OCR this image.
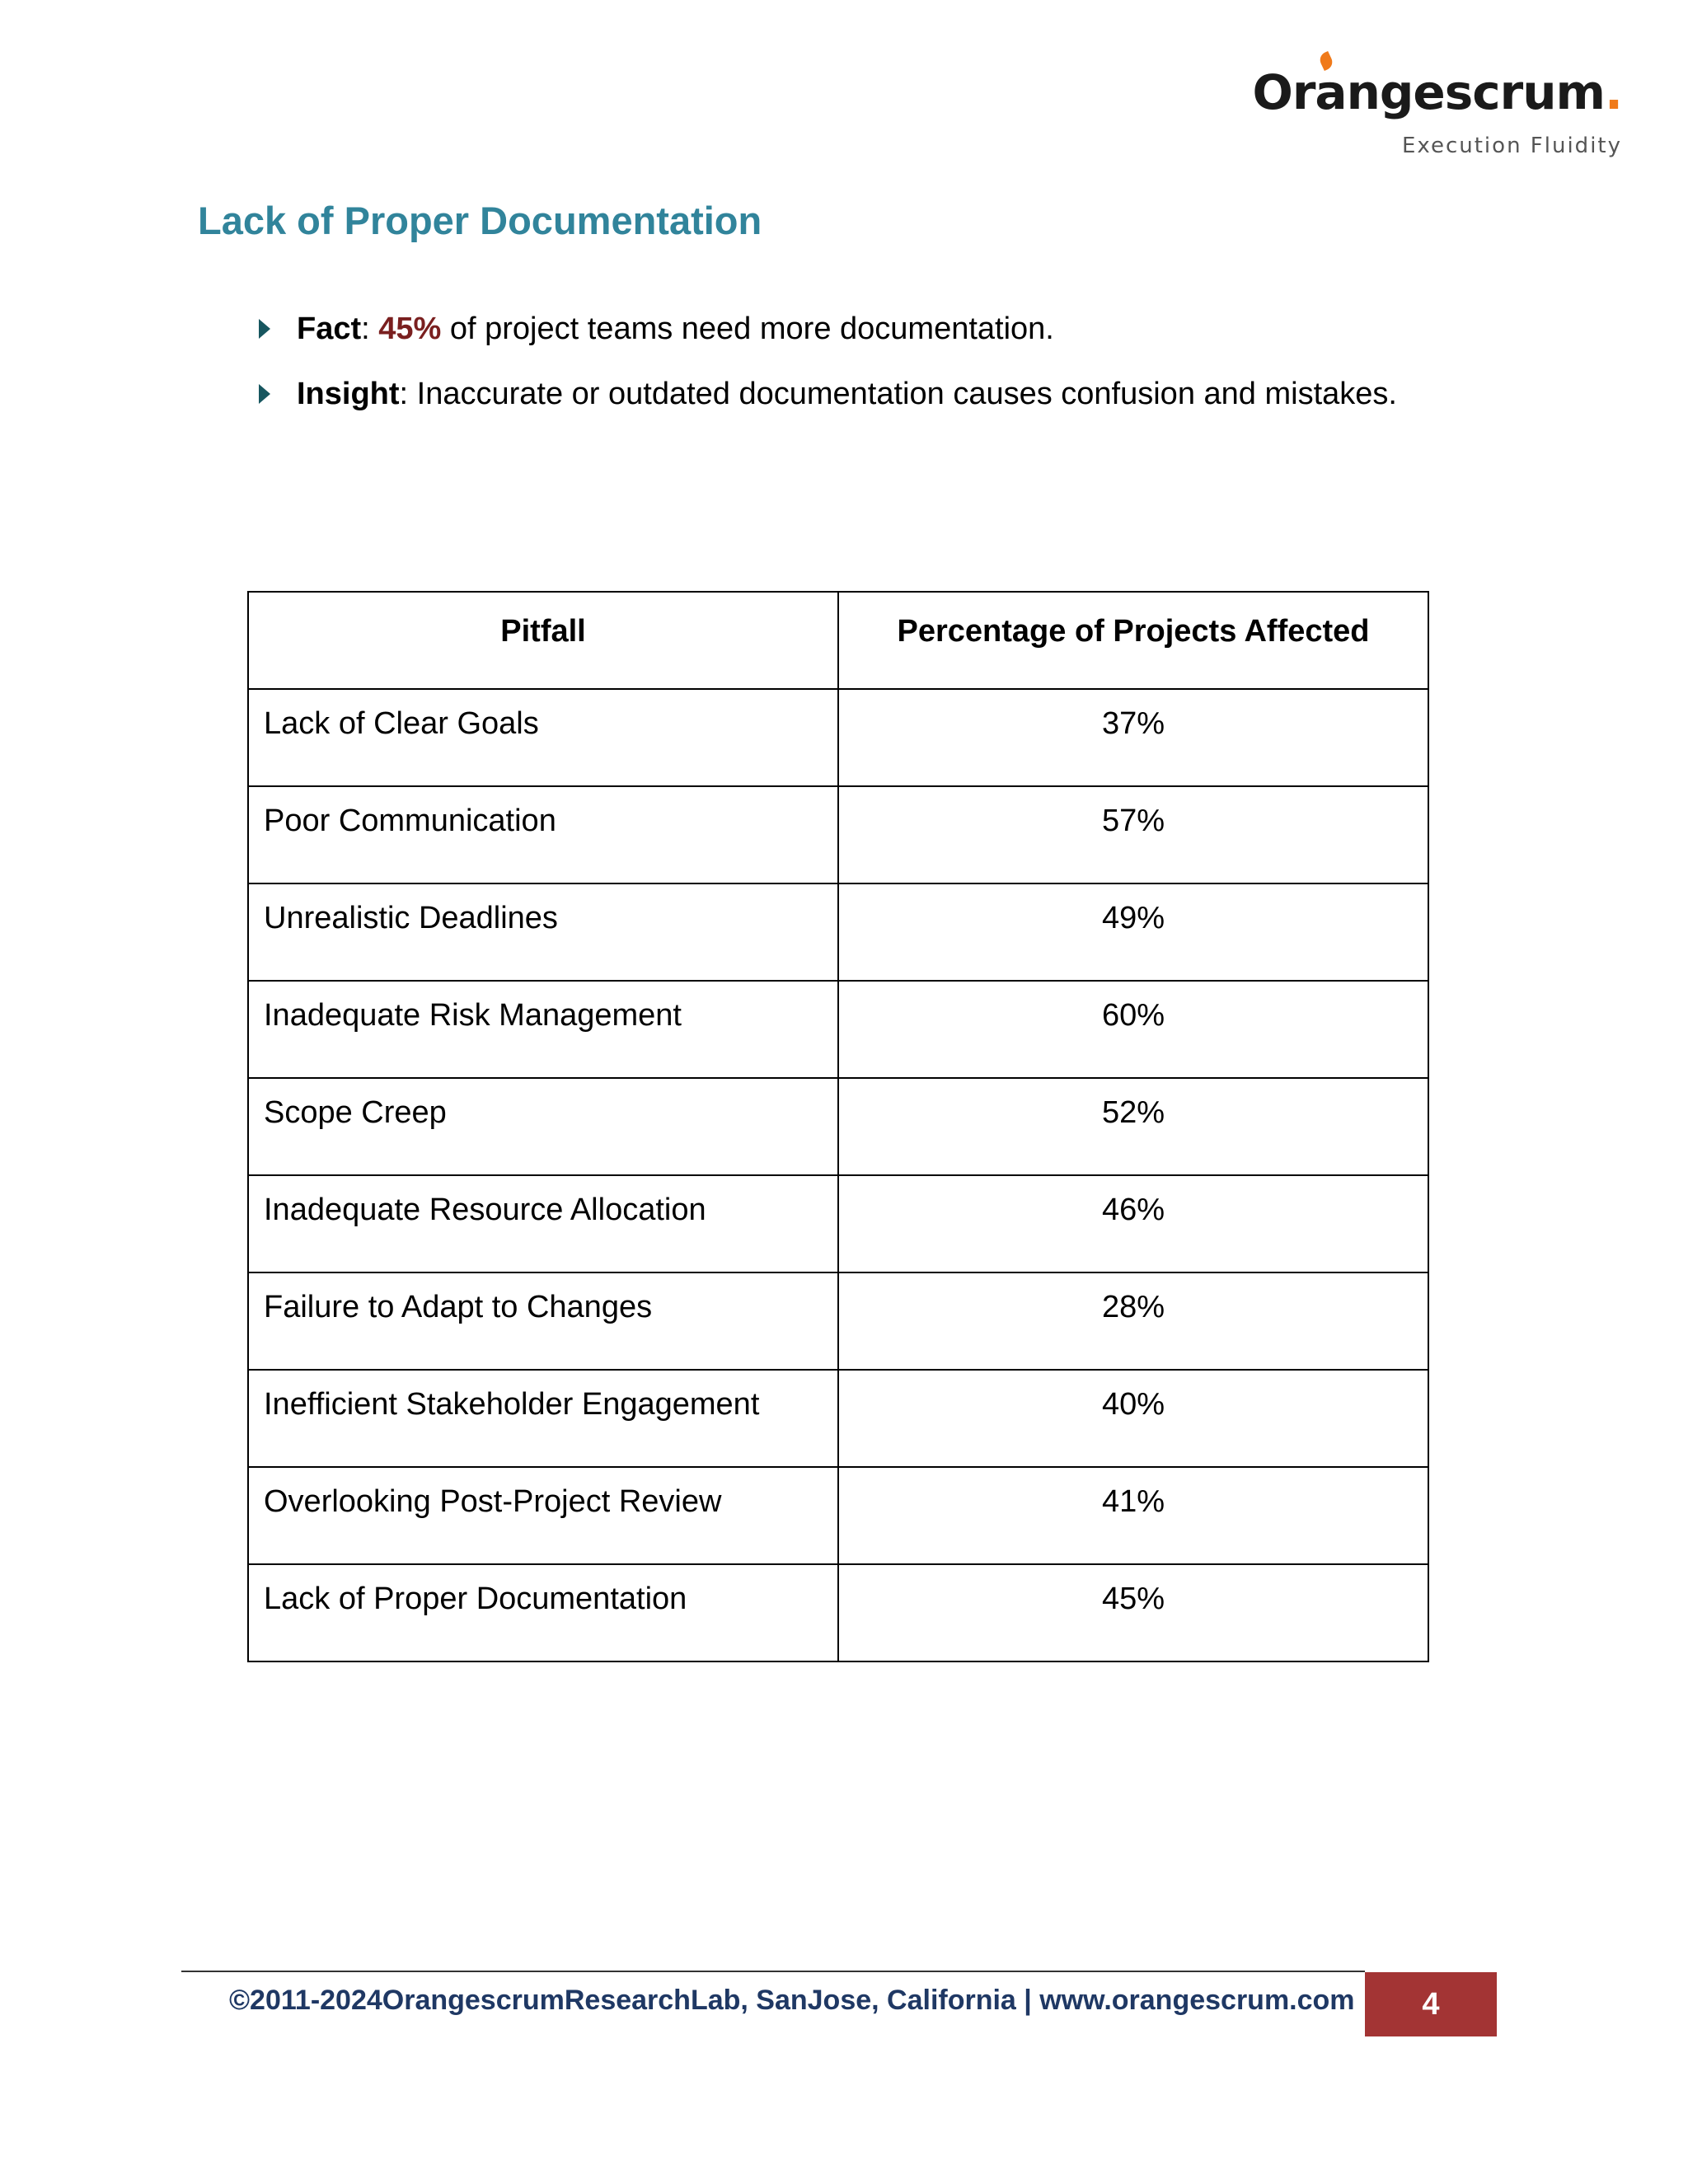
Orangescrum.
Execution Fluidity
Lack of Proper Documentation
Fact: 45% of project teams need more documentation.
Insight: Inaccurate or outdated documentation causes confusion and mistakes.
Pitfall	Percentage of Projects Affected
Lack of Clear Goals	37%
Poor Communication	57%
Unrealistic Deadlines	49%
Inadequate Risk Management	60%
Scope Creep	52%
Inadequate Resource Allocation	46%
Failure to Adapt to Changes	28%
Inefficient Stakeholder Engagement	40%
Overlooking Post-Project Review	41%
Lack of Proper Documentation	45%
©2011-2024OrangescrumResearchLab, SanJose, California | www.orangescrum.com	4
